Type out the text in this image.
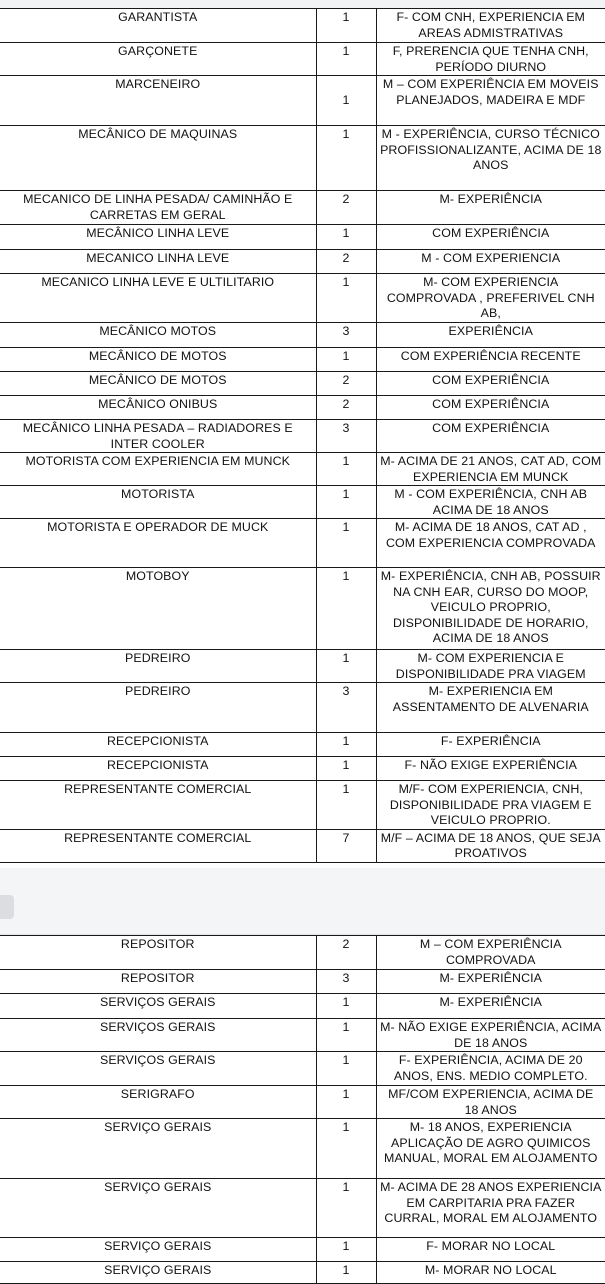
GARANTISTA	1	F- COM CNH, EXPERIENCIA EM AREAS ADMISTRATIVAS
GARÇONETE	1	F, PRERENCIA QUE TENHA CNH, PERÍODO DIURNO
MARCENEIRO	1	M – COM EXPERIÊNCIA EM MOVEIS PLANEJADOS, MADEIRA E MDF
MECÂNICO DE MAQUINAS	1	M - EXPERIÊNCIA, CURSO TÉCNICO PROFISSIONALIZANTE, ACIMA DE 18 ANOS
MECANICO DE LINHA PESADA/ CAMINHÃO E CARRETAS EM GERAL	2	M- EXPERIÊNCIA
MECÂNICO LINHA LEVE	1	COM EXPERIÊNCIA
MECANICO LINHA LEVE	2	M - COM EXPERIENCIA
MECANICO LINHA LEVE E ULTILITARIO	1	M- COM EXPERIENCIA COMPROVADA , PREFERIVEL CNH AB,
MECÂNICO MOTOS	3	EXPERIÊNCIA
MECÂNICO DE MOTOS	1	COM EXPERIÊNCIA RECENTE
MECÂNICO DE MOTOS	2	COM EXPERIÊNCIA
MECÂNICO ONIBUS	2	COM EXPERIÊNCIA
MECÂNICO LINHA PESADA – RADIADORES E INTER COOLER	3	COM EXPERIÊNCIA
MOTORISTA COM EXPERIENCIA EM MUNCK	1	M- ACIMA DE 21 ANOS, CAT AD, COM EXPERIENCIA EM MUNCK
MOTORISTA	1	M - COM EXPERIÊNCIA, CNH AB ACIMA DE 18 ANOS
MOTORISTA E OPERADOR DE MUCK	1	M- ACIMA DE 18 ANOS, CAT AD , COM EXPERIENCIA COMPROVADA
MOTOBOY	1	M- EXPERIÊNCIA, CNH AB, POSSUIR NA CNH EAR, CURSO DO MOOP, VEICULO PROPRIO, DISPONIBILIDADE DE HORARIO, ACIMA DE 18 ANOS
PEDREIRO	1	M- COM EXPERIENCIA E DISPONIBILIDADE PRA VIAGEM
PEDREIRO	3	M- EXPERIENCIA EM ASSENTAMENTO DE ALVENARIA
RECEPCIONISTA	1	F- EXPERIÊNCIA
RECEPCIONISTA	1	F- NÃO EXIGE EXPERIÊNCIA
REPRESENTANTE COMERCIAL	1	M/F- COM EXPERIENCIA, CNH, DISPONIBILIDADE PRA VIAGEM E VEICULO PROPRIO.
REPRESENTANTE COMERCIAL	7	M/F – ACIMA DE 18 ANOS, QUE SEJA PROATIVOS
REPOSITOR	2	M – COM EXPERIÊNCIA COMPROVADA
REPOSITOR	3	M- EXPERIÊNCIA
SERVIÇOS GERAIS	1	M- EXPERIÊNCIA
SERVIÇOS GERAIS	1	M- NÃO EXIGE EXPERIÊNCIA, ACIMA DE 18 ANOS
SERVIÇOS GERAIS	1	F- EXPERIÊNCIA, ACIMA DE 20 ANOS, ENS. MEDIO COMPLETO.
SERIGRAFO	1	MF/COM EXPERIENCIA, ACIMA DE 18 ANOS
SERVIÇO GERAIS	1	M- 18 ANOS, EXPERIENCIA APLICAÇÃO DE AGRO QUIMICOS MANUAL, MORAL EM ALOJAMENTO
SERVIÇO GERAIS	1	M- ACIMA DE 28 ANOS EXPERIENCIA EM CARPITARIA PRA FAZER CURRAL, MORAL EM ALOJAMENTO
SERVIÇO GERAIS	1	F- MORAR NO LOCAL
SERVIÇO GERAIS	1	M- MORAR NO LOCAL
